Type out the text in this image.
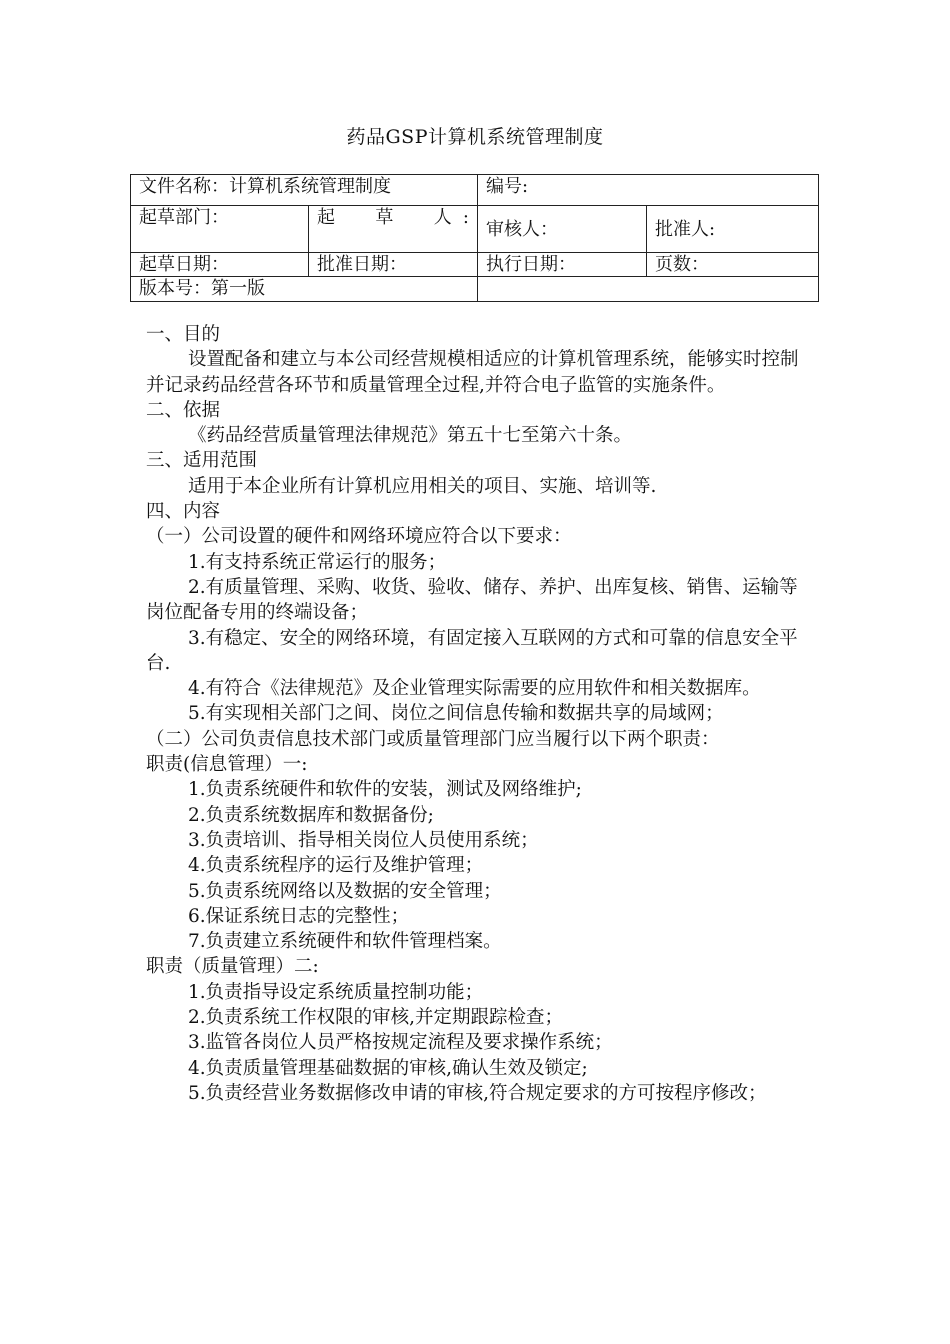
药品GSP计算机系统管理制度
文件名称：计算机系统管理制度		编号:	
起草部门：	起　草　人:	审核人：	批准人:
起草日期：	批准日期：	执行日期：	页数：
版本号：第一版			

一、目的

设置配备和建立与本公司经营规模相适应的计算机管理系统，能够实时控制并记录药品经营各环节和质量管理全过程,并符合电子监管的实施条件。

二、依据

《药品经营质量管理法律规范》第五十七至第六十条。

三、适用范围

适用于本企业所有计算机应用相关的项目、实施、培训等.

四、内容

（一）公司设置的硬件和网络环境应符合以下要求：

1.有支持系统正常运行的服务；

2.有质量管理、采购、收货、验收、储存、养护、出库复核、销售、运输等岗位配备专用的终端设备；

3.有稳定、安全的网络环境，有固定接入互联网的方式和可靠的信息安全平台.

4.有符合《法律规范》及企业管理实际需要的应用软件和相关数据库。

5.有实现相关部门之间、岗位之间信息传输和数据共享的局域网；

（二）公司负责信息技术部门或质量管理部门应当履行以下两个职责：

职责(信息管理）一:

1.负责系统硬件和软件的安装，测试及网络维护;

2.负责系统数据库和数据备份;

3.负责培训、指导相关岗位人员使用系统；

4.负责系统程序的运行及维护管理；

5.负责系统网络以及数据的安全管理；

6.保证系统日志的完整性；

7.负责建立系统硬件和软件管理档案。

职责（质量管理）二:

1.负责指导设定系统质量控制功能；

2.负责系统工作权限的审核,并定期跟踪检查；

3.监管各岗位人员严格按规定流程及要求操作系统；

4.负责质量管理基础数据的审核,确认生效及锁定;

5.负责经营业务数据修改申请的审核,符合规定要求的方可按程序修改；
